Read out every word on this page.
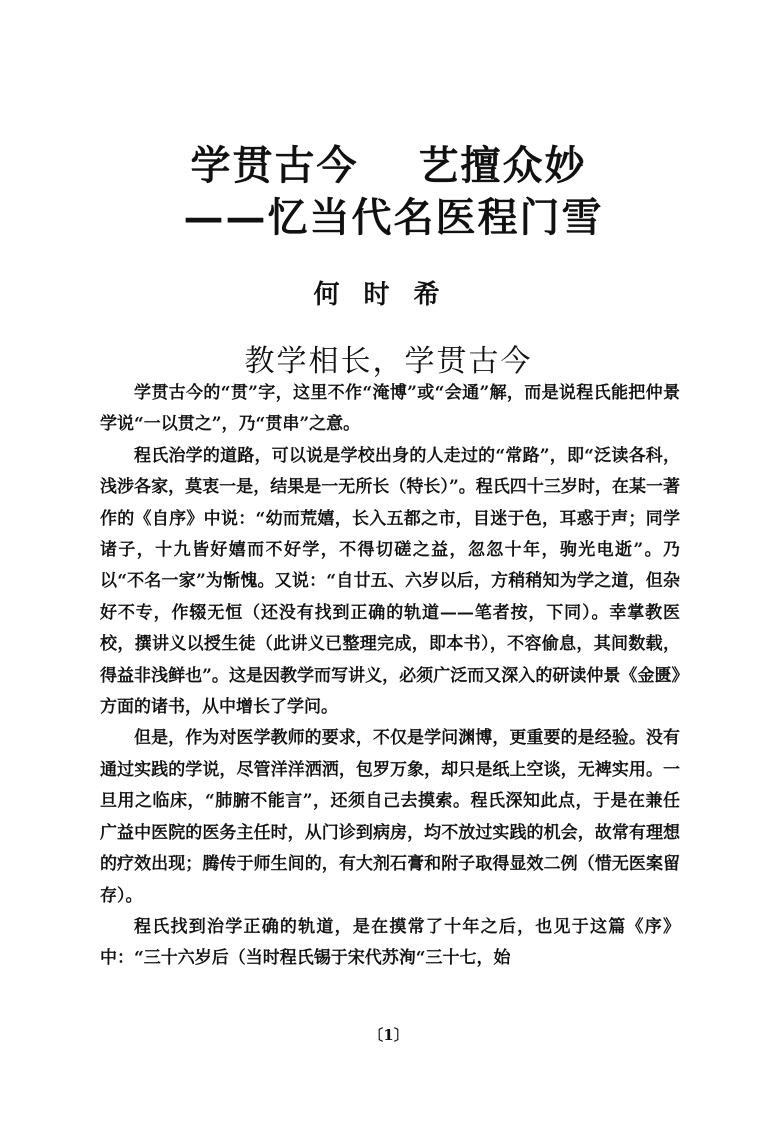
学贯古今 艺擅众妙
——忆当代名医程门雪
何时希
教学相长，学贯古今

学贯古今的“贯”字，这里不作“淹博”或“会通”解，而是说程氏能把仲景学说“一以贯之”，乃“贯串”之意。

程氏治学的道路，可以说是学校出身的人走过的“常路”，即“泛读各科，浅涉各家，莫衷一是，结果是一无所长（特长）”。程氏四十三岁时，在某一著作的《自序》中说：“幼而荒嬉，长入五都之市，目迷于色，耳惑于声；同学诸子，十九皆好嬉而不好学，不得切磋之益，忽忽十年，驹光电逝”。乃以“不名一家”为惭愧。又说：“自廿五、六岁以后，方稍稍知为学之道，但杂好不专，作辍无恒（还没有找到正确的轨道——笔者按，下同）。幸掌教医校，撰讲义以授生徒（此讲义已整理完成，即本书），不容偷息，其间数载，得益非浅鲜也”。这是因教学而写讲义，必须广泛而又深入的研读仲景《金匮》方面的诸书，从中增长了学问。

但是，作为对医学教师的要求，不仅是学问渊博，更重要的是经验。没有通过实践的学说，尽管洋洋洒洒，包罗万象，却只是纸上空谈，无裨实用。一旦用之临床，“肺腑不能言”，还须自己去摸索。程氏深知此点，于是在兼任广益中医院的医务主任时，从门诊到病房，均不放过实践的机会，故常有理想的疗效出现；腾传于师生间的，有大剂石膏和附子取得显效二例（惜无医案留存）。

程氏找到治学正确的轨道，是在摸常了十年之后，也见于这篇《序》中：“三十六岁后（当时程氏锡于宋代苏洵“三十七，始

〔1〕
